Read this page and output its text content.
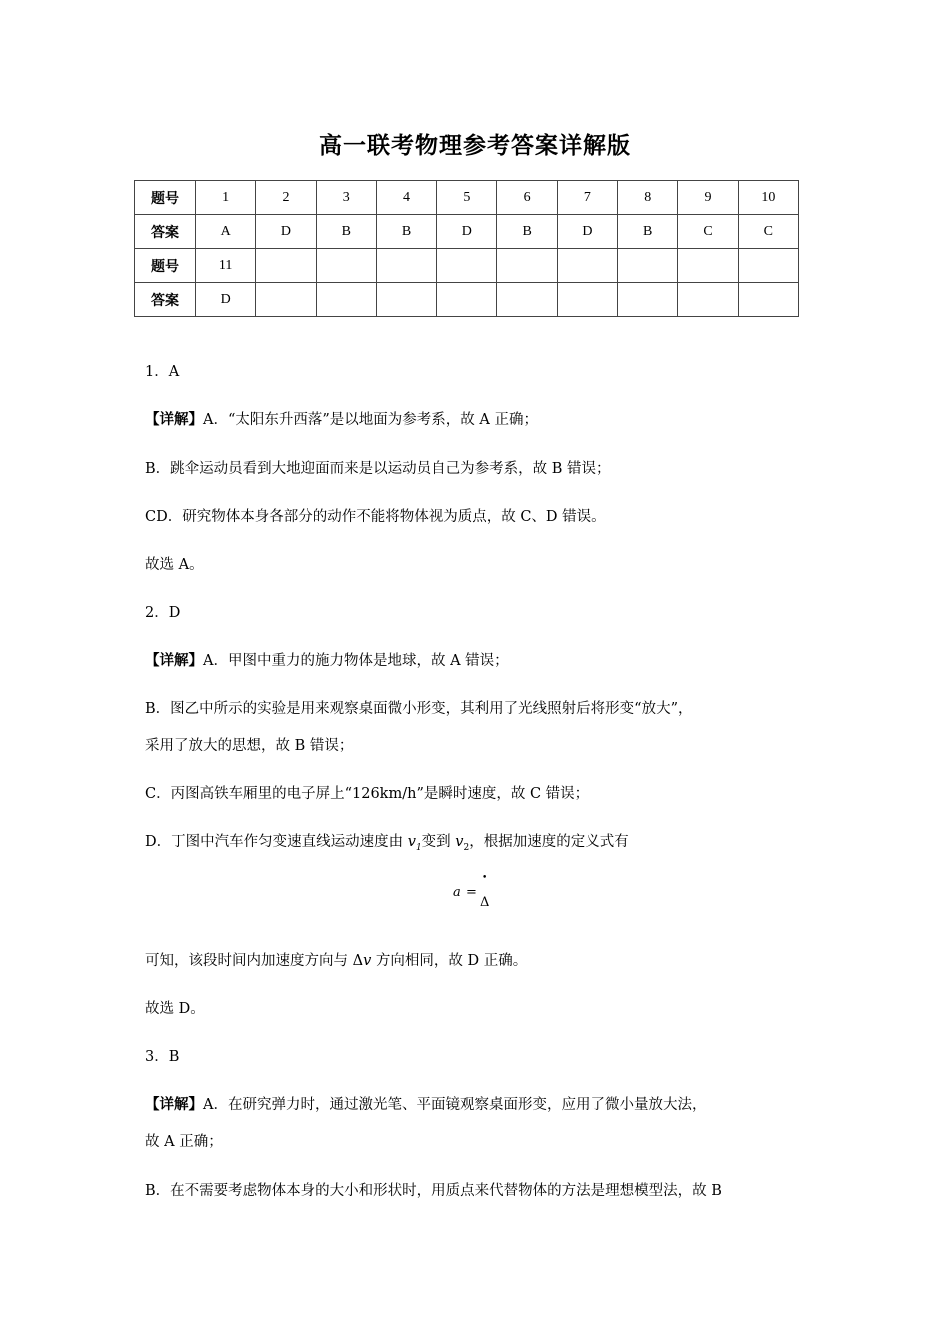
高一联考物理参考答案详解版
题号	1	2	3	4	5	6	7	8	9	10
答案	A	D	B	B	D	B	D	B	C	C
题号	11									
答案	D									
1．A
【详解】A．“太阳东升西落”是以地面为参考系，故 A 正确；
B．跳伞运动员看到大地迎面而来是以运动员自己为参考系，故 B 错误；
CD．研究物体本身各部分的动作不能将物体视为质点，故 C、D 错误。
故选 A。
2．D
【详解】A．甲图中重力的施力物体是地球，故 A 错误；
B．图乙中所示的实验是用来观察桌面微小形变，其利用了光线照射后将形变“放大”，
采用了放大的思想，故 B 错误；
C．丙图高铁车厢里的电子屏上“126km/h”是瞬时速度，故 C 错误；
D．丁图中汽车作匀变速直线运动速度由 $v_1$变到 $v_2$，根据加速度的定义式有
a =
•
Δ
可知，该段时间内加速度方向与 Δv 方向相同，故 D 正确。
故选 D。
3．B
【详解】A．在研究弹力时，通过激光笔、平面镜观察桌面形变，应用了微小量放大法，
故 A 正确；
B．在不需要考虑物体本身的大小和形状时，用质点来代替物体的方法是理想模型法，故 B
